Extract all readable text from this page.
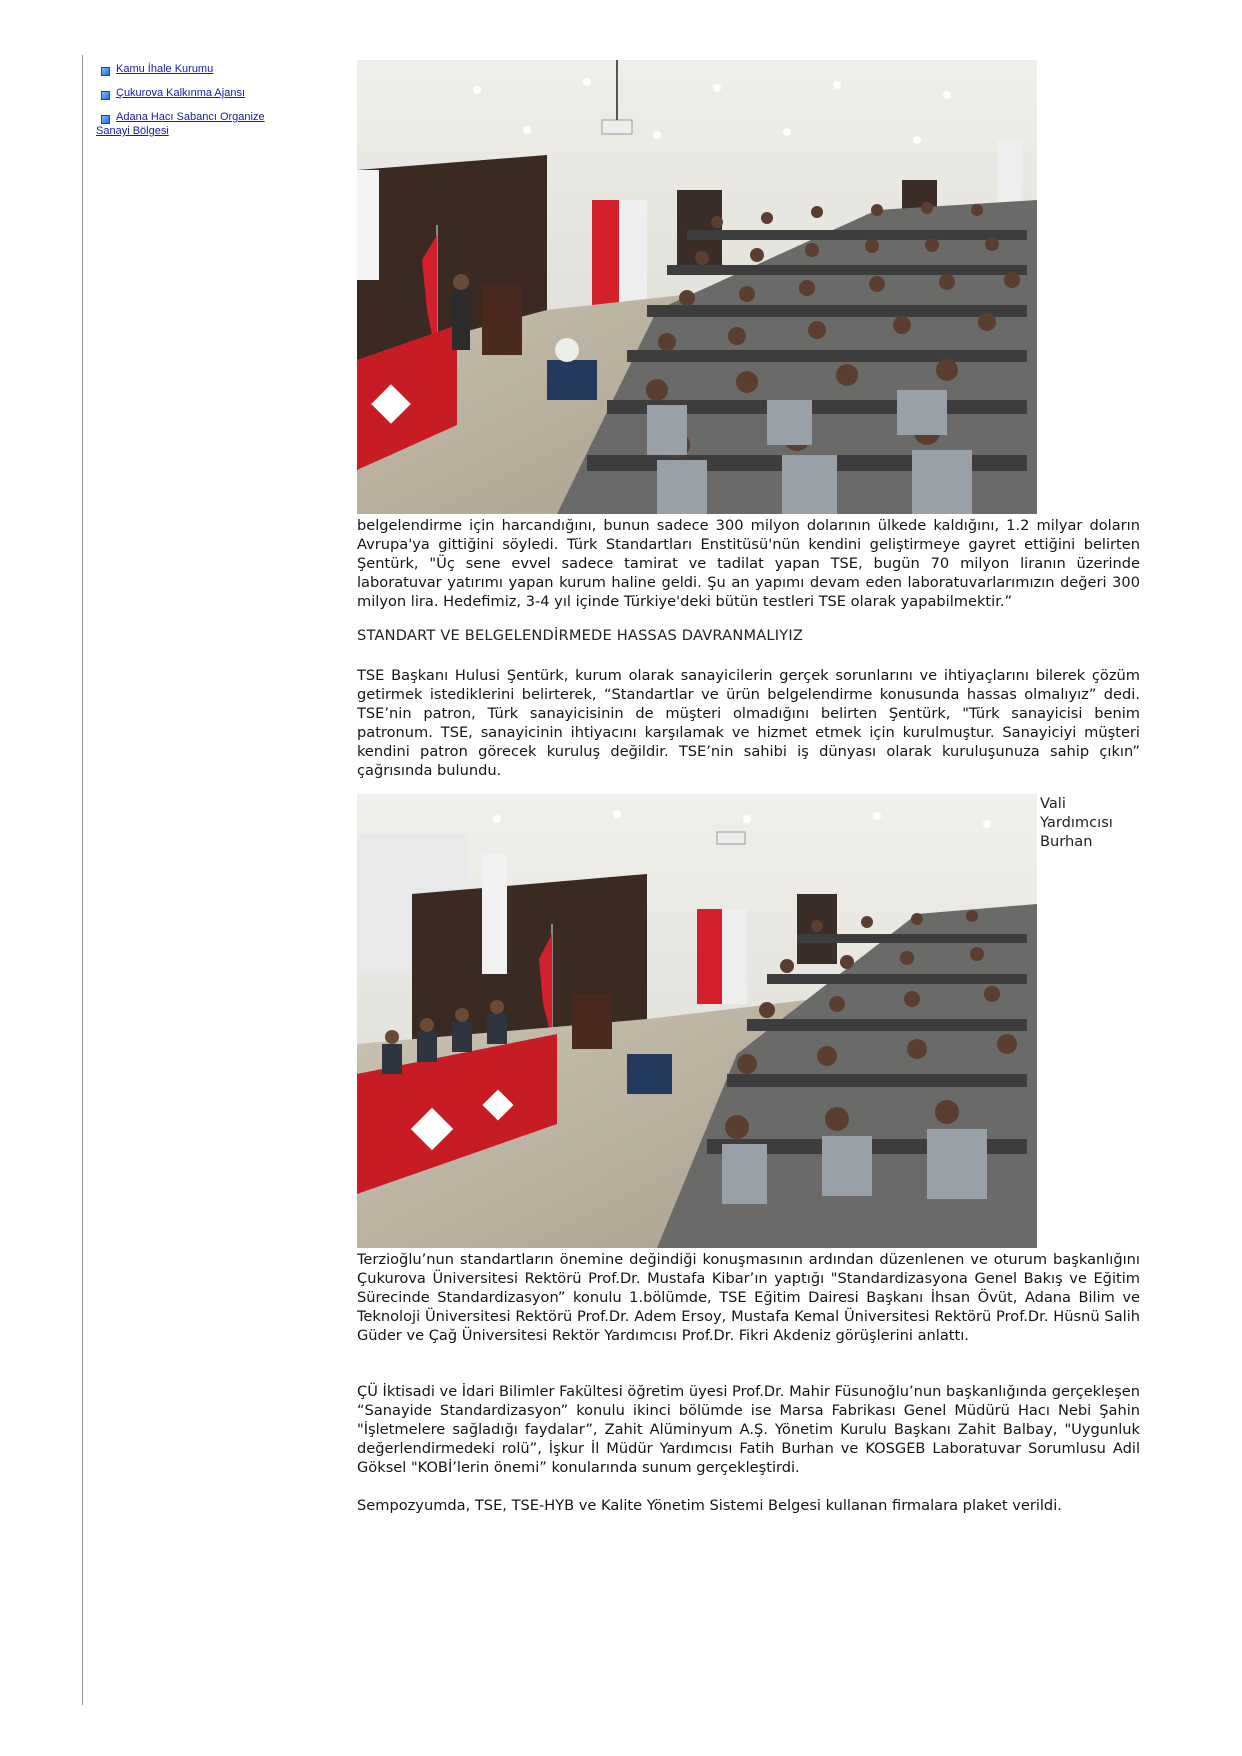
Kamu İhale Kurumu
Çukurova Kalkınma Ajansı
Adana Hacı Sabancı Organize
Sanayi Bölgesi
belgelendirme için harcandığını, bunun sadece 300 milyon dolarının ülkede kaldığını, 1.2 milyar doların Avrupa'ya gittiğini söyledi. Türk Standartları Enstitüsü'nün kendini geliştirmeye gayret ettiğini belirten Şentürk, "Üç sene evvel sadece tamirat ve tadilat yapan TSE, bugün 70 milyon liranın üzerinde laboratuvar yatırımı yapan kurum haline geldi. Şu an yapımı devam eden laboratuvarlarımızın değeri 300 milyon lira. Hedefimiz, 3-4 yıl içinde Türkiye'deki bütün testleri TSE olarak yapabilmektir.”
STANDART VE BELGELENDİRMEDE HASSAS DAVRANMALIYIZ
TSE Başkanı Hulusi Şentürk, kurum olarak sanayicilerin gerçek sorunlarını ve ihtiyaçlarını bilerek çözüm getirmek istediklerini belirterek, “Standartlar ve ürün belgelendirme konusunda hassas olmalıyız” dedi. TSE’nin patron, Türk sanayicisinin de müşteri olmadığını belirten Şentürk, "Türk sanayicisi benim patronum. TSE, sanayicinin ihtiyacını karşılamak ve hizmet etmek için kurulmuştur. Sanayiciyi müşteri kendini patron görecek kuruluş değildir. TSE’nin sahibi iş dünyası olarak kuruluşunuza sahip çıkın” çağrısında bulundu.
Vali Yardımcısı Burhan
Terzioğlu’nun standartların önemine değindiği konuşmasının ardından düzenlenen ve oturum başkanlığını Çukurova Üniversitesi Rektörü Prof.Dr. Mustafa Kibar’ın yaptığı "Standardizasyona Genel Bakış ve Eğitim Sürecinde Standardizasyon” konulu 1.bölümde, TSE Eğitim Dairesi Başkanı İhsan Övüt, Adana Bilim ve Teknoloji Üniversitesi Rektörü Prof.Dr. Adem Ersoy, Mustafa Kemal Üniversitesi Rektörü Prof.Dr. Hüsnü Salih Güder ve Çağ Üniversitesi Rektör Yardımcısı Prof.Dr. Fikri Akdeniz görüşlerini anlattı.
ÇÜ İktisadi ve İdari Bilimler Fakültesi öğretim üyesi Prof.Dr. Mahir Füsunoğlu’nun başkanlığında gerçekleşen “Sanayide Standardizasyon” konulu ikinci bölümde ise Marsa Fabrikası Genel Müdürü Hacı Nebi Şahin "İşletmelere sağladığı faydalar”, Zahit Alüminyum A.Ş. Yönetim Kurulu Başkanı Zahit Balbay, "Uygunluk değerlendirmedeki rolü”, İşkur İl Müdür Yardımcısı Fatih Burhan ve KOSGEB Laboratuvar Sorumlusu Adil Göksel "KOBİ’lerin önemi” konularında sunum gerçekleştirdi.
Sempozyumda, TSE, TSE-HYB ve Kalite Yönetim Sistemi Belgesi kullanan firmalara plaket verildi.
